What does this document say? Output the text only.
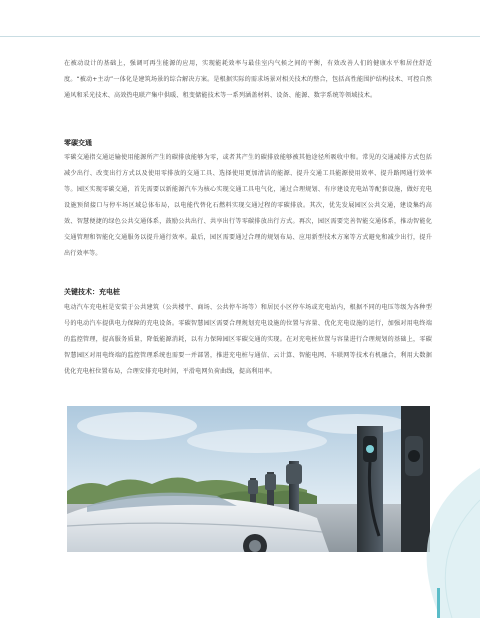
在被动设计的基础上，强调可再生能源的应用，实现能耗效率与最佳室内气候之间的平衡，有效改善人们的健康水平和居住舒适度。“被动+主动”一体化是建筑场景的综合解决方案。是根据实际的需求场景对相关技术的整合，包括高性能围护结构技术、可控自然通风和采光技术、高效热电联产集中供暖、租变储能技术等一系列涵盖材料、设备、能源、数字系统等领域技术。

零碳交通

零碳交通指交通运输使用能源所产生的碳排放能够为零，或者其产生的碳排放能够被其他途径所吸收中和。常见的交通减排方式包括减少出行、改变出行方式以及使用零排放的交通工具、选择使用更加清洁的能源、提升交通工具能源使用效率、提升路网通行效率等。园区实现零碳交通，首先需要以新能源汽车为核心实现交通工具电气化，通过合理规划、有序建设充电站等配套设施，做好充电设施预留接口与停车场区域总体布局，以电能代替化石燃料实现交通过程的零碳排放。其次，优先发展园区公共交通，建设集约高效、智慧便捷的绿色公共交通体系，鼓励公共出行、共享出行等零碳排放出行方式。再次，园区需要完善智能交通体系，推动智能化交通管理和智能化交通服务以提升通行效率。最后，园区需要通过合理的规划布局、应用新型技术方案等方式避免和减少出行，提升出行效率等。

关键技术：充电桩

电动汽车充电桩是安装于公共建筑（公共楼宇、商场、公共停车场等）和居民小区停车场或充电站内，根据不同的电压等级为各种型号的电动汽车提供电力保障的充电设备。零碳智慧园区需要合理规划充电设施的位置与容量、优化充电设施的运行，加强对用电终端的监控管理，提高服务质量，降低能源消耗，以有力保障园区零碳交通的实现。在对充电桩位置与容量进行合理规划的基础上，零碳智慧园区对用电终端的监控管理系统也需要一并部署，推进充电桩与通信、云计算、智能电网、车联网等技术有机融合，利用大数据优化充电桩位置布局，合理安排充电时间，平滑电网负荷曲线，提高利用率。
